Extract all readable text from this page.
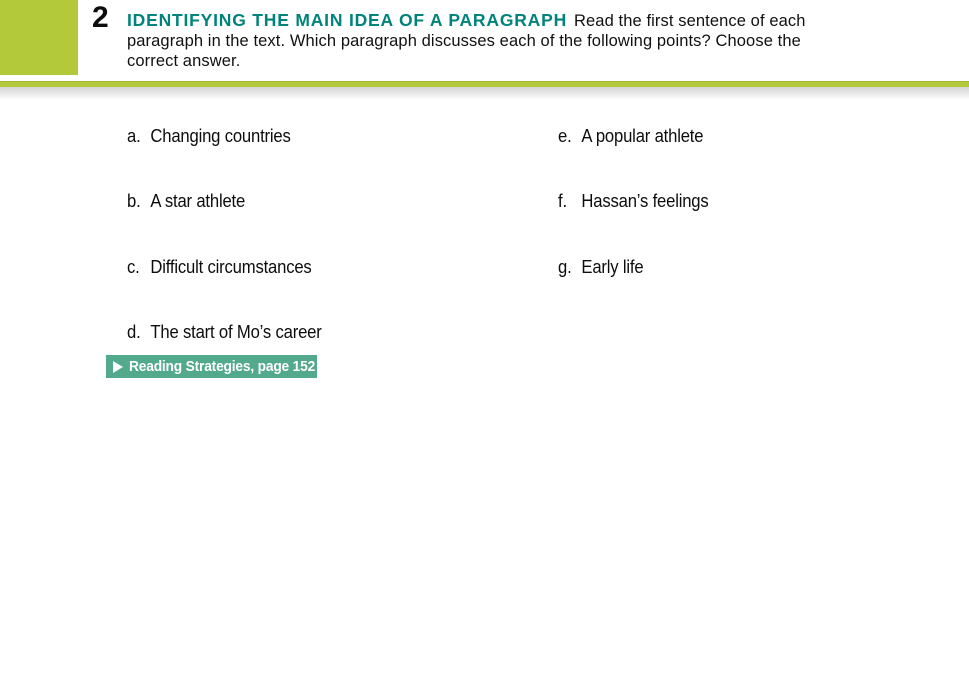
2 IDENTIFYING THE MAIN IDEA OF A PARAGRAPH Read the first sentence of each
paragraph in the text. Which paragraph discusses each of the following points? Choose the
correct answer.
a. Changing countries
b. A star athlete
c. Difficult circumstances
d. The start of Mo’s career
e. A popular athlete
f. Hassan’s feelings
g. Early life
Reading Strategies, page 152
